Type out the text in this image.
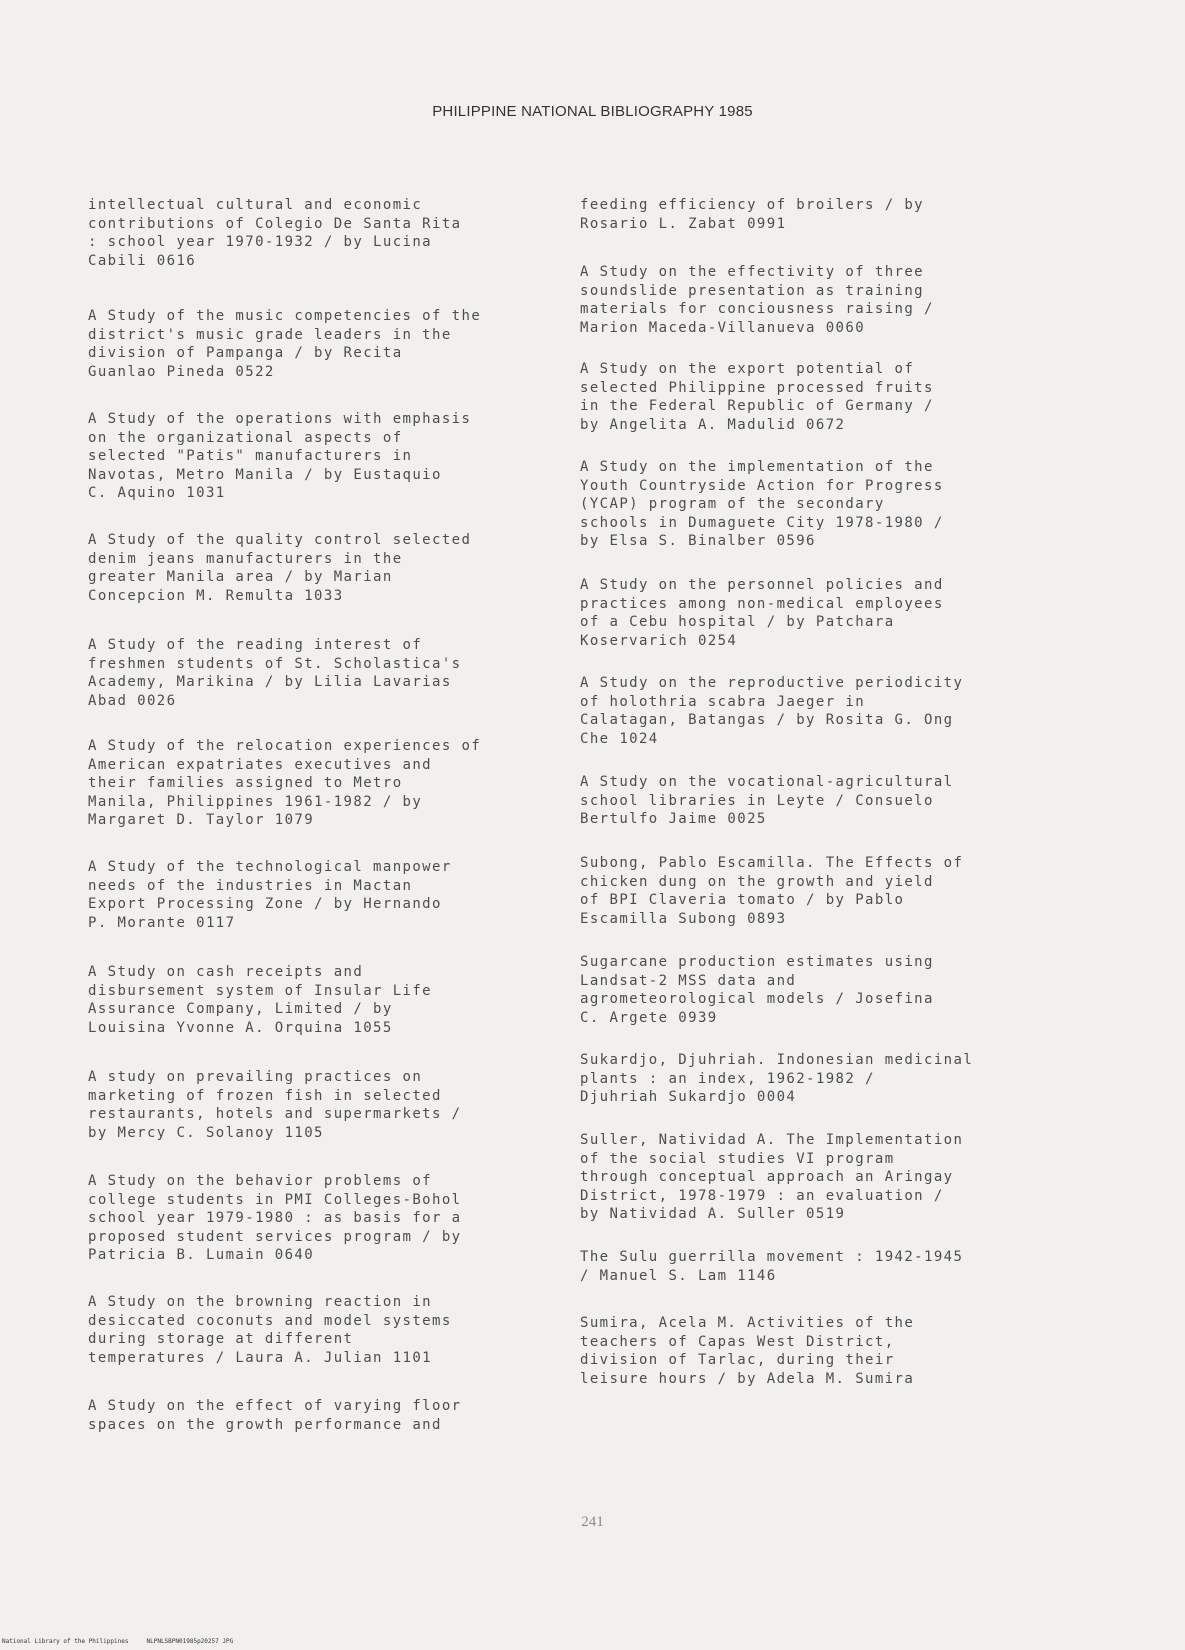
PHILIPPINE NATIONAL BIBLIOGRAPHY 1985
intellectual cultural and economic
contributions of Colegio De Santa Rita
: school year 1970-1932 / by Lucina
Cabili 0616
A Study of the music competencies of the
district's music grade leaders in the
division of Pampanga / by Recita
Guanlao Pineda 0522
A Study of the operations with emphasis
on the organizational aspects of
selected "Patis" manufacturers in
Navotas, Metro Manila / by Eustaquio
C. Aquino 1031
A Study of the quality control selected
denim jeans manufacturers in the
greater Manila area / by Marian
Concepcion M. Remulta 1033
A Study of the reading interest of
freshmen students of St. Scholastica's
Academy, Marikina / by Lilia Lavarias
Abad 0026
A Study of the relocation experiences of
American expatriates executives and
their families assigned to Metro
Manila, Philippines 1961-1982 / by
Margaret D. Taylor 1079
A Study of the technological manpower
needs of the industries in Mactan
Export Processing Zone / by Hernando
P. Morante 0117
A Study on cash receipts and
disbursement system of Insular Life
Assurance Company, Limited / by
Louisina Yvonne A. Orquina 1055
A study on prevailing practices on
marketing of frozen fish in selected
restaurants, hotels and supermarkets /
by Mercy C. Solanoy 1105
A Study on the behavior problems of
college students in PMI Colleges-Bohol
school year 1979-1980 : as basis for a
proposed student services program / by
Patricia B. Lumain 0640
A Study on the browning reaction in
desiccated coconuts and model systems
during storage at different
temperatures / Laura A. Julian 1101
A Study on the effect of varying floor
spaces on the growth performance and
feeding efficiency of broilers / by
Rosario L. Zabat 0991
A Study on the effectivity of three
soundslide presentation as training
materials for conciousness raising /
Marion Maceda-Villanueva 0060
A Study on the export potential of
selected Philippine processed fruits
in the Federal Republic of Germany /
by Angelita A. Madulid 0672
A Study on the implementation of the
Youth Countryside Action for Progress
(YCAP) program of the secondary
schools in Dumaguete City 1978-1980 /
by Elsa S. Binalber 0596
A Study on the personnel policies and
practices among non-medical employees
of a Cebu hospital / by Patchara
Koservarich 0254
A Study on the reproductive periodicity
of holothria scabra Jaeger in
Calatagan, Batangas / by Rosita G. Ong
Che 1024
A Study on the vocational-agricultural
school libraries in Leyte / Consuelo
Bertulfo Jaime 0025
Subong, Pablo Escamilla. The Effects of
chicken dung on the growth and yield
of BPI Claveria tomato / by Pablo
Escamilla Subong 0893
Sugarcane production estimates using
Landsat-2 MSS data and
agrometeorological models / Josefina
C. Argete 0939
Sukardjo, Djuhriah. Indonesian medicinal
plants : an index, 1962-1982 /
Djuhriah Sukardjo 0004
Suller, Natividad A. The Implementation
of the social studies VI program
through conceptual approach an Aringay
District, 1978-1979 : an evaluation /
by Natividad A. Suller 0519
The Sulu guerrilla movement : 1942-1945
/ Manuel S. Lam 1146
Sumira, Acela M. Activities of the
teachers of Capas West District,
division of Tarlac, during their
leisure hours / by Adela M. Sumira
241
National Library of the Philippines     NLPNLSBPN01985p20257 JPG
